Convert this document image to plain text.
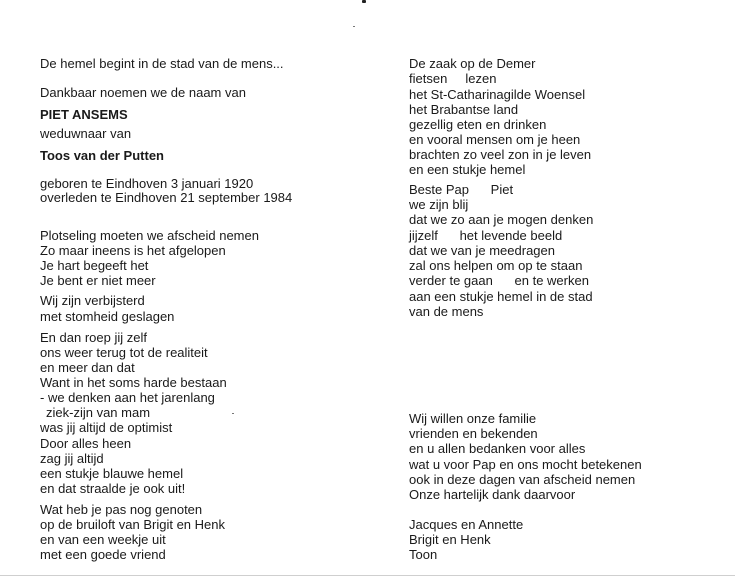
De hemel begint in de stad van de mens...
Dankbaar noemen we de naam van
PIET ANSEMS
weduwnaar van
Toos van der Putten
geboren te Eindhoven 3 januari 1920
overleden te Eindhoven 21 september 1984
Plotseling moeten we afscheid nemen
Zo maar ineens is het afgelopen
Je hart begeeft het
Je bent er niet meer
Wij zijn verbijsterd
met stomheid geslagen
En dan roep jij zelf
ons weer terug tot de realiteit
en meer dan dat
Want in het soms harde bestaan
- we denken aan het jarenlang
ziek-zijn van mam
was jij altijd de optimist
Door alles heen
zag jij altijd
een stukje blauwe hemel
en dat straalde je ook uit!
Wat heb je pas nog genoten
op de bruiloft van Brigit en Henk
en van een weekje uit
met een goede vriend
De zaak op de Demer
fietsen     lezen
het St-Catharinagilde Woensel
het Brabantse land
gezellig eten en drinken
en vooral mensen om je heen
brachten zo veel zon in je leven
en een stukje hemel
Beste Pap      Piet
we zijn blij
dat we zo aan je mogen denken
jijzelf      het levende beeld
dat we van je meedragen
zal ons helpen om op te staan
verder te gaan      en te werken
aan een stukje hemel in de stad
van de mens
Wij willen onze familie
vrienden en bekenden
en u allen bedanken voor alles
wat u voor Pap en ons mocht betekenen
ook in deze dagen van afscheid nemen
Onze hartelijk dank daarvoor
Jacques en Annette
Brigit en Henk
Toon
